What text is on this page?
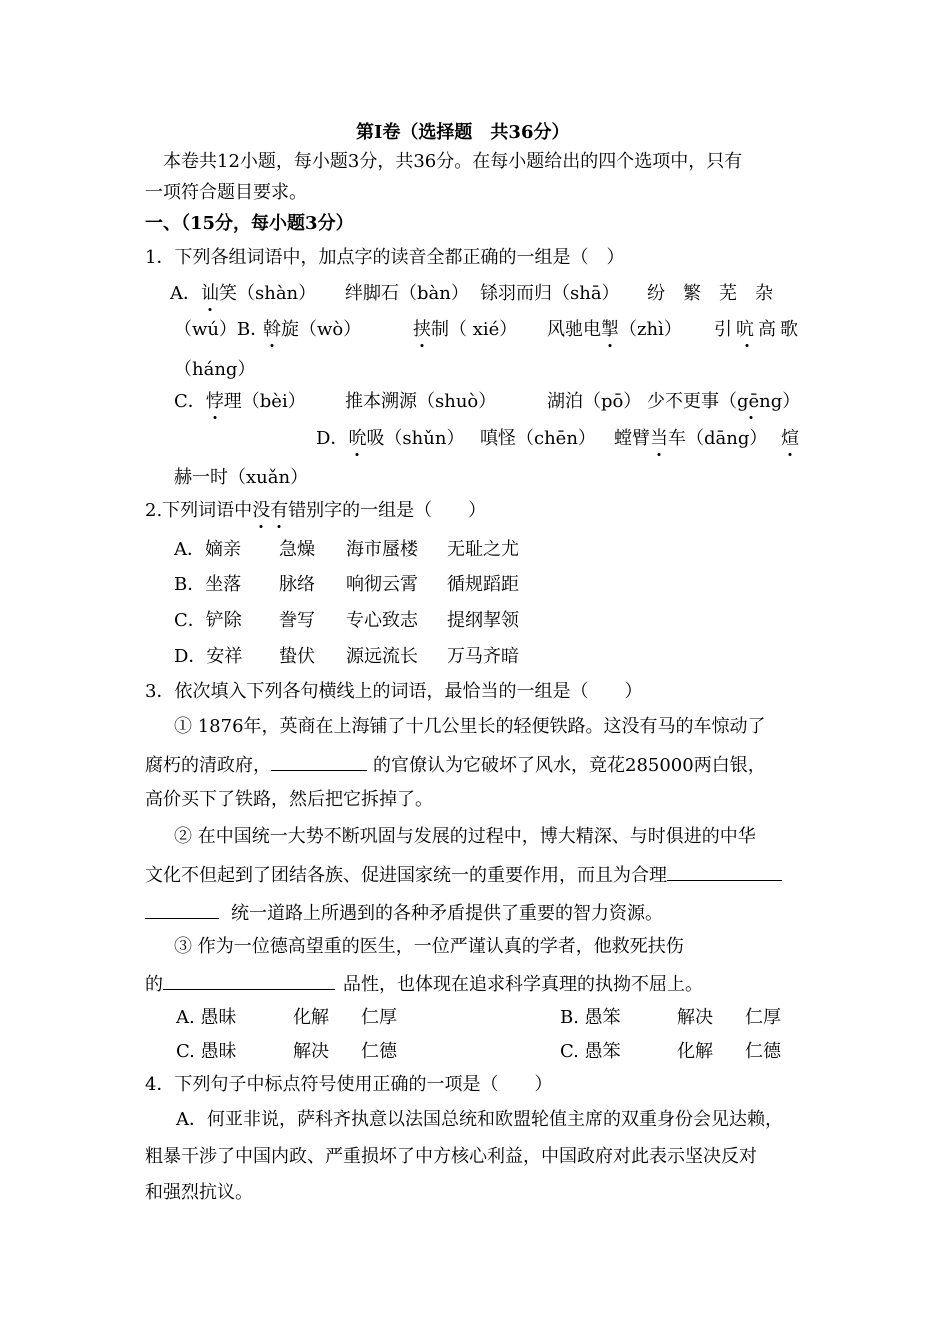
第Ⅰ卷（选择题　共36分）
本卷共12小题，每小题3分，共36分。在每小题给出的四个选项中，只有
一项符合题目要求。
一、（15分，每小题3分）
1．下列各组词语中，加点字的读音全都正确的一组是（　）
A．讪笑（shàn） 绊脚石（bàn） 铩羽而归（shā） 纷　繁　芜　杂
（wú）B．
斡旋（wò）	挟制（ xié） 风驰电掣（zhì） 引吭高歌
（háng）
C．悖理（bèi） 推本溯源（shuò）	湖泊（pō） 少不更事（gēng）
D．吮吸（shǔn） 嗔怪（chēn） 螳臂当车（dāng） 煊
赫一时（xuǎn）
2.下列词语中没有错别字的一组是（　　）
A．嫡亲 急燥 海市蜃楼 无耻之尤
B．坐落 脉络 响彻云霄 循规蹈距
C．铲除 誊写 专心致志 提纲挈领
D．安祥 蛰伏 源远流长 万马齐暗
3．依次填入下列各句横线上的词语，最恰当的一组是（　　）
① 1876年，英商在上海铺了十几公里长的轻便铁路。这没有马的车惊动了
腐朽的清政府，	的官僚认为它破坏了风水，竟花285000两白银，
高价买下了铁路，然后把它拆掉了。
② 在中国统一大势不断巩固与发展的过程中，博大精深、与时俱进的中华
文化不但起到了团结各族、促进国家统一的重要作用，而且为合理
统一道路上所遇到的各种矛盾提供了重要的智力资源。
③ 作为一位德高望重的医生，一位严谨认真的学者，他救死扶伤
的	品性，也体现在追求科学真理的执拗不屈上。
A. 愚昧	化解 仁厚	B. 愚笨	解决 仁厚
C. 愚昧	解决 仁德	C. 愚笨	化解 仁德
4．下列句子中标点符号使用正确的一项是（　　）
A．何亚非说，萨科齐执意以法国总统和欧盟轮值主席的双重身份会见达赖，
粗暴干涉了中国内政、严重损坏了中方核心利益，中国政府对此表示坚决反对
和强烈抗议。
